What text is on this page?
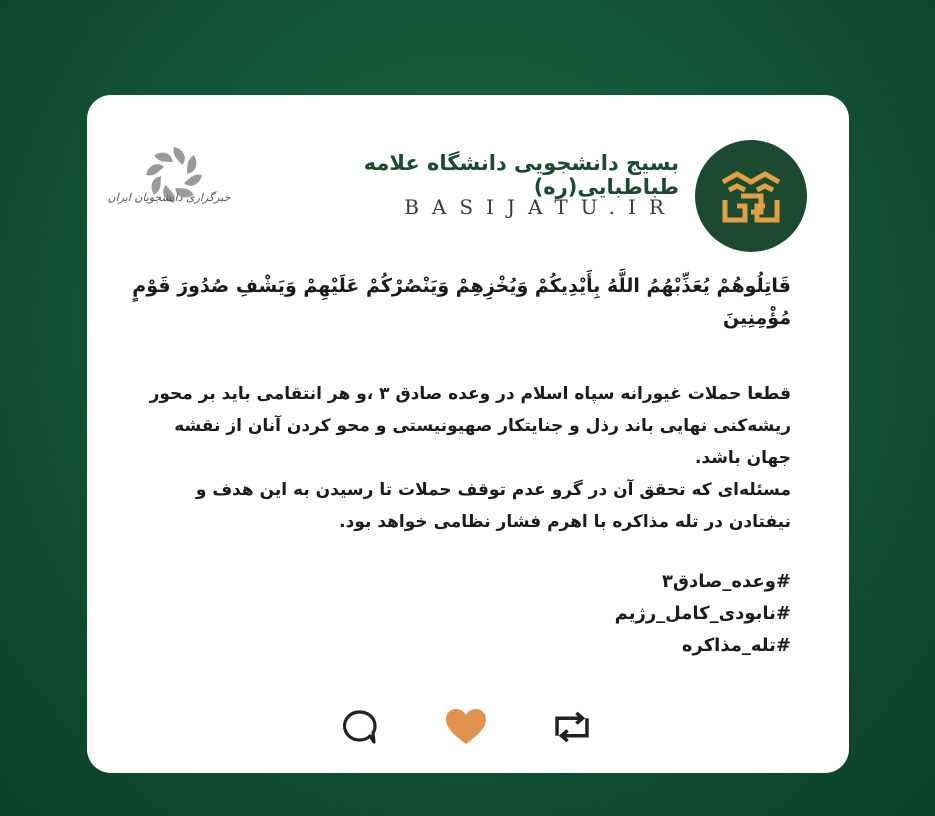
بسیج دانشجویی دانشگاه علامه طباطبایی(ره)
BASIJATU.IR
خبرگزاری دانشجویان ایران

قَاتِلُوهُمْ يُعَذِّبْهُمُ اللَّهُ بِأَيْدِيكُمْ وَيُخْزِهِمْ وَيَنْصُرْكُمْ عَلَيْهِمْ وَيَشْفِ صُدُورَ قَوْمٍ مُؤْمِنِينَ

قطعا حملات غیورانه سپاه اسلام در وعده صادق ۳ ،و هر انتقامی باید بر محور ریشه‌کنی نهایی باند رذل و جنایتکار صهیونیستی و محو کردن آنان از نقشه جهان باشد.

مسئله‌ای که تحقق آن در گرو عدم توقف حملات تا رسیدن به این هدف و نیفتادن در تله مذاکره با اهرم فشار نظامی خواهد بود.

#وعده_صادق۳
#نابودی_کامل_رژیم
#تله_مذاکره
